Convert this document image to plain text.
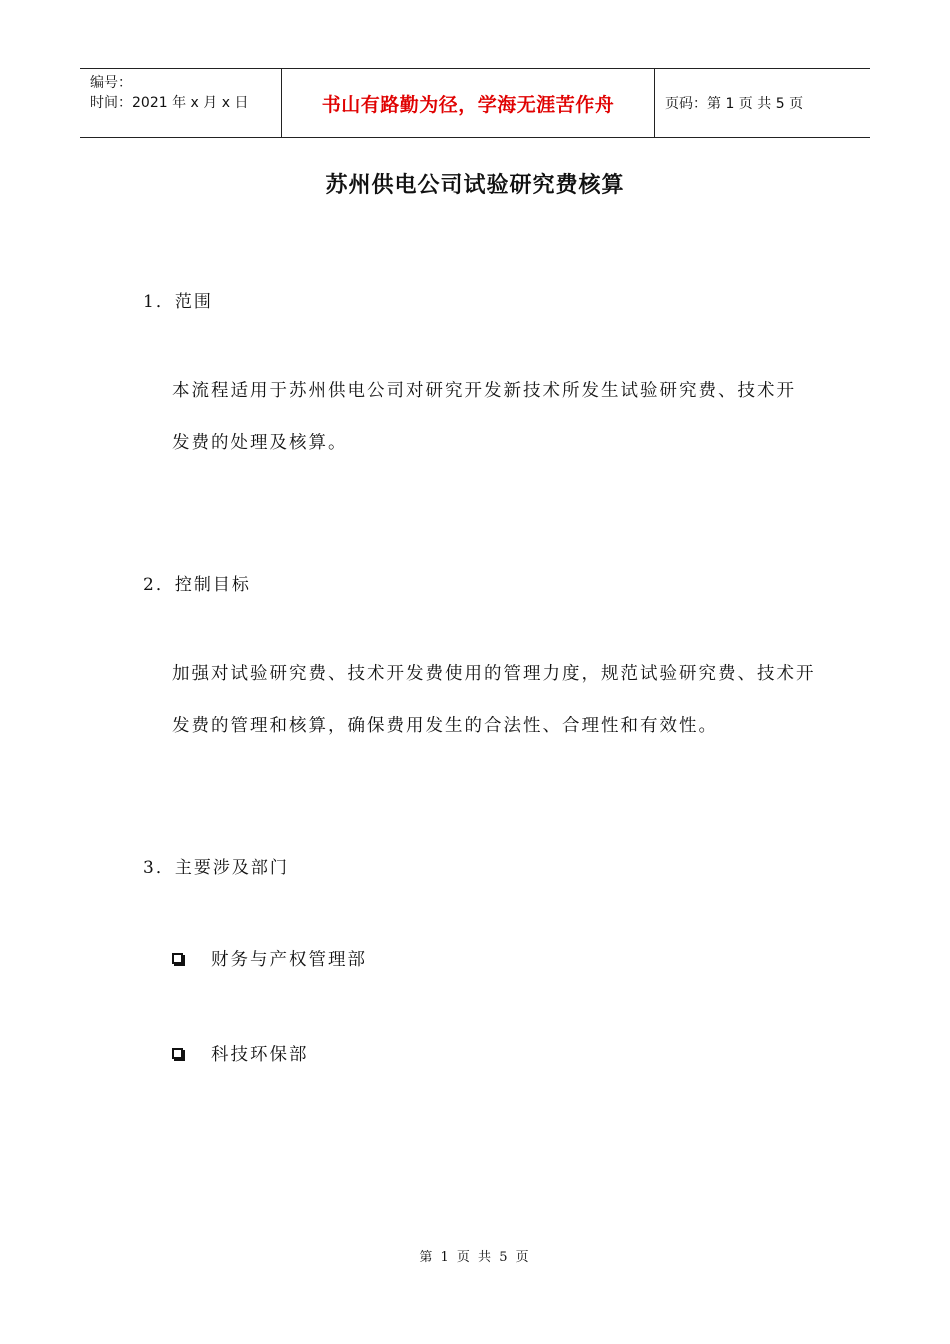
编号：
时间：2021 年 x 月 x 日	书山有路勤为径，学海无涯苦作舟	页码：第 1 页 共 5 页
苏州供电公司试验研究费核算
1．范围
本流程适用于苏州供电公司对研究开发新技术所发生试验研究费、技术开
发费的处理及核算。
2．控制目标
加强对试验研究费、技术开发费使用的管理力度，规范试验研究费、技术开
发费的管理和核算，确保费用发生的合法性、合理性和有效性。
3．主要涉及部门
财务与产权管理部
科技环保部
第 1 页 共 5 页
